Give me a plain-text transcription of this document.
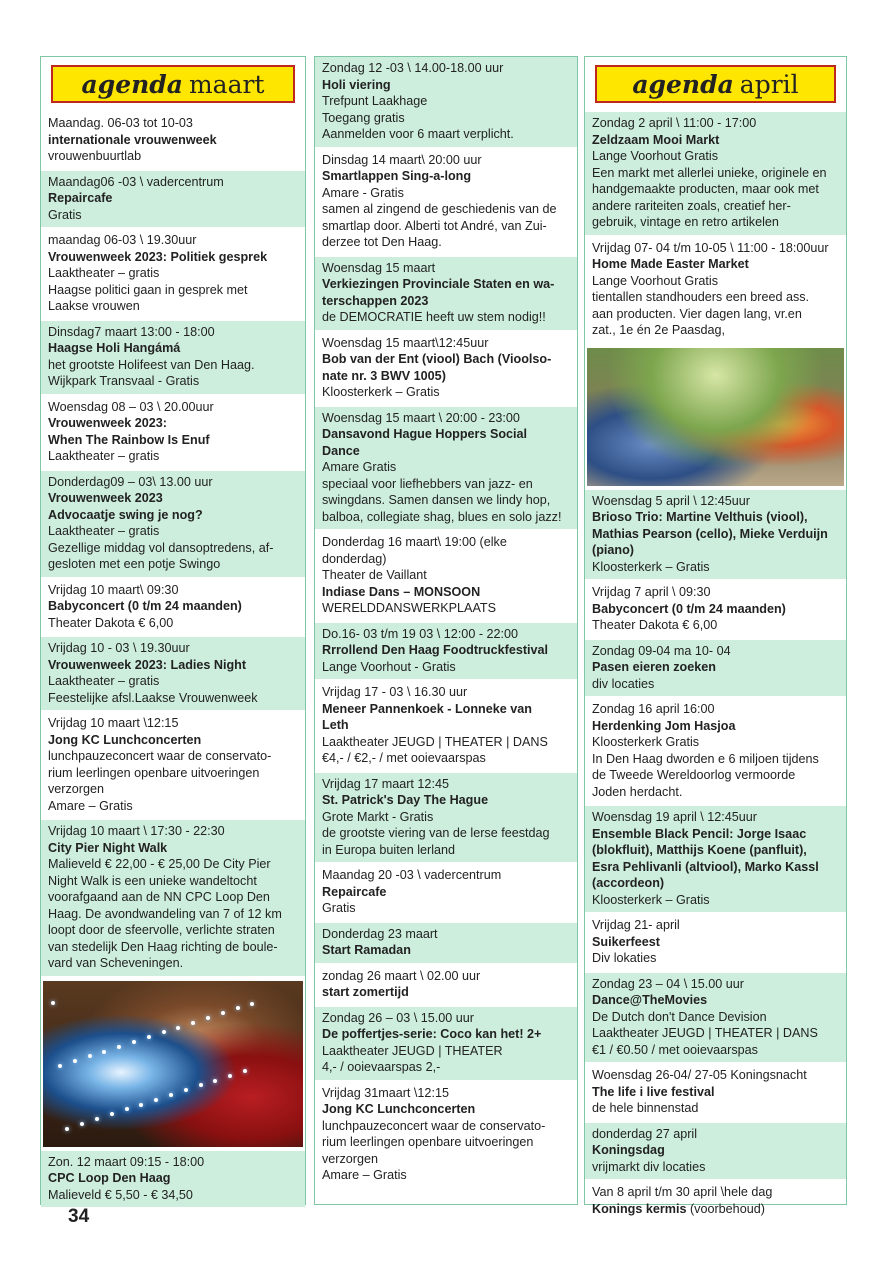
agenda maart
Maandag. 06-03 tot 10-03
internationale vrouwenweek
vrouwenbuurtlab
Maandag06 -03 \ vadercentrum
Repaircafe
Gratis
maandag 06-03 \ 19.30uur
Vrouwenweek 2023: Politiek gesprek
Laaktheater – gratis
Haagse politici gaan in gesprek met
Laakse vrouwen
Dinsdag7 maart 13:00 - 18:00
Haagse Holi Hangámá
het grootste Holifeest van Den Haag.
Wijkpark Transvaal - Gratis
Woensdag 08 – 03 \ 20.00uur
Vrouwenweek 2023:
When The Rainbow Is Enuf
Laaktheater – gratis
Donderdag09 – 03\ 13.00 uur
Vrouwenweek 2023
Advocaatje swing je nog?
Laaktheater – gratis
Gezellige middag vol dansoptredens, af-
gesloten met een potje Swingo
Vrijdag 10 maart\ 09:30
Babyconcert (0 t/m 24 maanden)
Theater Dakota € 6,00
Vrijdag 10 - 03 \ 19.30uur
Vrouwenweek 2023: Ladies Night
Laaktheater – gratis
Feestelijke afsl.Laakse Vrouwenweek
Vrijdag 10 maart \12:15
Jong KC Lunchconcerten
lunchpauzeconcert waar de conservato-
rium leerlingen openbare uitvoeringen
verzorgen
Amare – Gratis
Vrijdag 10 maart \ 17:30 - 22:30
City Pier Night Walk
Malieveld € 22,00 - € 25,00 De City Pier
Night Walk is een unieke wandeltocht
voorafgaand aan de NN CPC Loop Den
Haag. De avondwandeling van 7 of 12 km
loopt door de sfeervolle, verlichte straten
van stedelijk Den Haag richting de boule-
vard van Scheveningen.
Zon. 12 maart 09:15 - 18:00
CPC Loop Den Haag
Malieveld € 5,50 - € 34,50
Zondag 12 -03 \ 14.00-18.00 uur
Holi viering
Trefpunt Laakhage
Toegang gratis
Aanmelden voor 6 maart verplicht.
Dinsdag 14 maart\ 20:00 uur
Smartlappen Sing-a-long
Amare - Gratis
samen al zingend de geschiedenis van de
smartlap door. Alberti tot André, van Zui-
derzee tot Den Haag.
Woensdag 15 maart
Verkiezingen Provinciale Staten en wa-
terschappen 2023
de DEMOCRATIE heeft uw stem nodig!!
Woensdag 15 maart\12:45uur
Bob van der Ent (viool) Bach (Vioolso-
nate nr. 3 BWV 1005)
Kloosterkerk – Gratis
Woensdag 15 maart \ 20:00 - 23:00
Dansavond Hague Hoppers Social
Dance
Amare Gratis
speciaal voor liefhebbers van jazz- en
swingdans. Samen dansen we lindy hop,
balboa, collegiate shag, blues en solo jazz!
Donderdag 16 maart\ 19:00 (elke donderdag)
Theater de Vaillant
Indiase Dans – MONSOON
WERELDDANSWERKPLAATS
Do.16- 03 t/m 19 03 \ 12:00 - 22:00
Rrrollend Den Haag Foodtruckfestival
Lange Voorhout - Gratis
Vrijdag 17 - 03 \ 16.30 uur
Meneer Pannenkoek - Lonneke van
Leth
Laaktheater JEUGD | THEATER | DANS
€4,- / €2,- / met ooievaarspas
Vrijdag 17 maart 12:45
St. Patrick's Day The Hague
Grote Markt - Gratis
de grootste viering van de lerse feestdag
in Europa buiten lerland
Maandag 20 -03 \ vadercentrum
Repaircafe
Gratis
Donderdag 23 maart
Start Ramadan
zondag 26 maart \ 02.00 uur
start zomertijd
Zondag 26 – 03 \ 15.00 uur
De poffertjes-serie: Coco kan het! 2+
Laaktheater JEUGD | THEATER
4,- / ooievaarspas 2,-
Vrijdag 31maart \12:15
Jong KC Lunchconcerten
lunchpauzeconcert waar de conservato-
rium leerlingen openbare uitvoeringen
verzorgen
Amare – Gratis
agenda april
Zondag 2 april \ 11:00 - 17:00
Zeldzaam Mooi Markt
Lange Voorhout Gratis
Een markt met allerlei unieke, originele en
handgemaakte producten, maar ook met
andere rariteiten zoals, creatief her-
gebruik, vintage en retro artikelen
Vrijdag 07- 04 t/m 10-05 \ 11:00 - 18:00uur
Home Made Easter Market
Lange Voorhout Gratis
tientallen standhouders een breed ass.
aan producten. Vier dagen lang, vr.en
zat., 1e én 2e Paasdag,
Woensdag 5 april \ 12:45uur
Brioso Trio: Martine Velthuis (viool),
Mathias Pearson (cello), Mieke Verduijn
(piano)
Kloosterkerk – Gratis
Vrijdag 7 april \ 09:30
Babyconcert (0 t/m 24 maanden)
Theater Dakota € 6,00
Zondag 09-04 ma 10- 04
Pasen eieren zoeken
div locaties
Zondag 16 april 16:00
Herdenking Jom Hasjoa
Kloosterkerk Gratis
In Den Haag dworden e 6 miljoen tijdens
de Tweede Wereldoorlog vermoorde
Joden herdacht.
Woensdag 19 april \ 12:45uur
Ensemble Black Pencil: Jorge Isaac
(blokfluit), Matthijs Koene (panfluit),
Esra Pehlivanli (altviool), Marko Kassl
(accordeon)
Kloosterkerk – Gratis
Vrijdag 21- april
Suikerfeest
Div lokaties
Zondag 23 – 04 \ 15.00 uur
Dance@TheMovies
De Dutch don't Dance Devision
Laaktheater JEUGD | THEATER | DANS
€1 / €0.50 / met ooievaarspas
Woensdag 26-04/ 27-05 Koningsnacht
The life i live festival
de hele binnenstad
donderdag 27 april
Koningsdag
vrijmarkt div locaties
Van 8 april t/m 30 april \hele dag
Konings kermis (voorbehoud)
34
